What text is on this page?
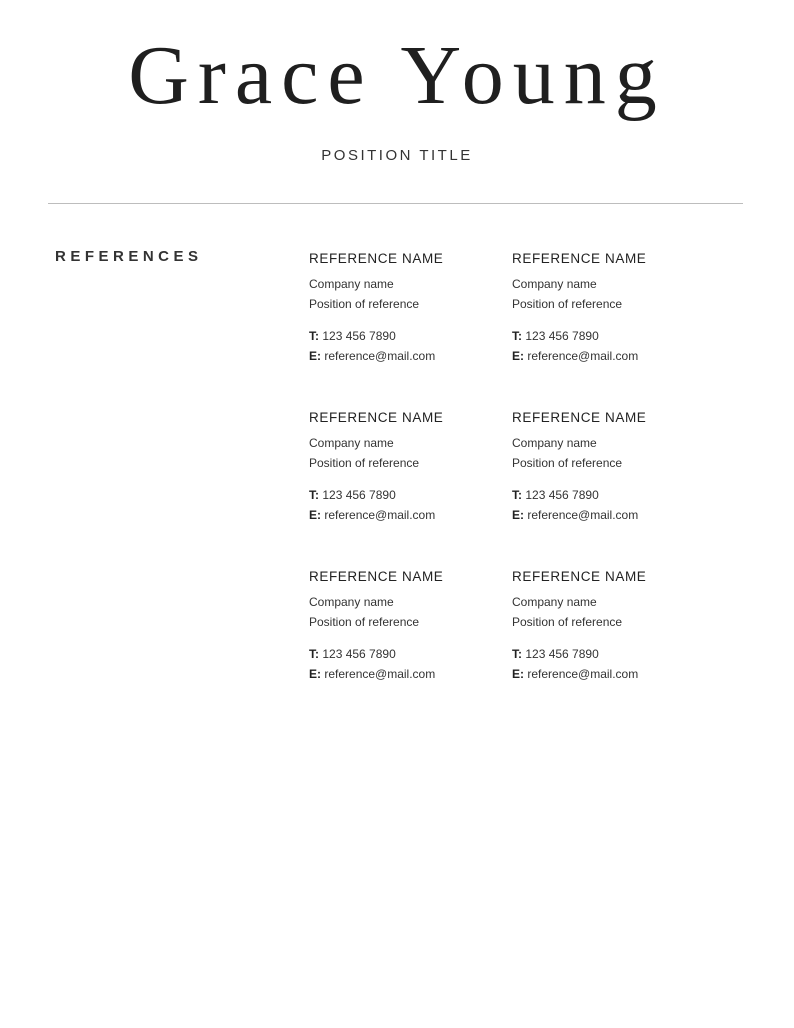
Grace Young

POSITION TITLE

REFERENCES	REFERENCE NAME

Company name

Position of reference

T: 123 456 7890

E: reference@mail.com

REFERENCE NAME

Company name

Position of reference

T: 123 456 7890

E: reference@mail.com

REFERENCE NAME

Company name

Position of reference

T: 123 456 7890

E: reference@mail.com

REFERENCE NAME

Company name

Position of reference

T: 123 456 7890

E: reference@mail.com

REFERENCE NAME

Company name

Position of reference

T: 123 456 7890

E: reference@mail.com

REFERENCE NAME

Company name

Position of reference

T: 123 456 7890

E: reference@mail.com
